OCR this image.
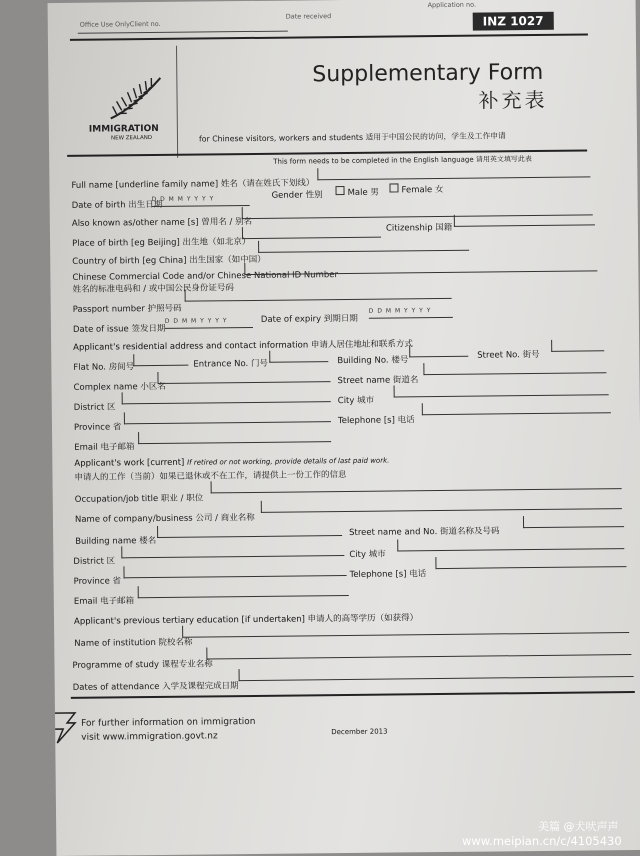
Office Use Only Client no.
Date received
Application no.
INZ 1027
IMMIGRATION
NEW ZEALAND
Supplementary Form
补充表
for Chinese visitors, workers and students 适用于中国公民的访问，学生及工作申请
This form needs to be completed in the English language 请用英文填写此表
Full name [underline family name] 姓名（请在姓氏下划线）
Date of birth 出生日期
D D M M Y Y Y Y	Gender 性别	Male 男	Female 女
Also known as/other name [s] 曾用名 / 别名
Place of birth [eg Beijing] 出生地（如北京）
Citizenship 国籍
Country of birth [eg China] 出生国家（如中国）
Chinese Commercial Code and/or Chinese National ID Number
姓名的标准电码和 / 或中国公民身份证号码
Passport number 护照号码
Date of issue 签发日期
D D M M Y Y Y Y	Date of expiry 到期日期
D D M M Y Y Y Y
Applicant's residential address and contact information 申请人居住地址和联系方式
Flat No. 房间号	Entrance No. 门号	Building No. 楼号
Street No. 街号
Complex name 小区名
Street name 街道名
District 区
City 城市
Province 省
Telephone [s] 电话
Email 电子邮箱
Applicant's work [current] If retired or not working, provide details of last paid work.
申请人的工作（当前）如果已退休或不在工作，请提供上一份工作的信息
Occupation/job title 职业 / 职位
Name of company/business 公司 / 商业名称
Building name 楼名
Street name and No. 街道名称及号码
District 区
City 城市
Province 省
Telephone [s] 电话
Email 电子邮箱
Applicant's previous tertiary education [if undertaken] 申请人的高等学历（如获得）
Name of institution 院校名称
Programme of study 课程专业名称
Dates of attendance 入学及课程完成日期
For further information on immigration
visit www.immigration.govt.nz	December 2013
美篇 @犬吠声声
www.meipian.cn/c/4105430
